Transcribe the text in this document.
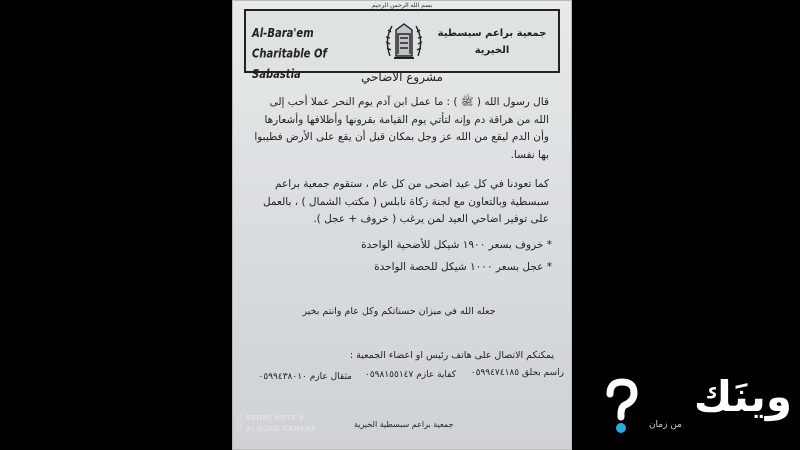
بسم الله الرحمن الرحيم
Al-Bara'em Charitable Of
Sabastia
جمعية براعم سبسطية
الخيرية
مشروع الاضاحي
قال رسول الله ( ﷺ ) : ما عمل ابن آدم يوم النحر عملا أحب إلى الله من هراقة دم وإنه لتأتي يوم القيامة بقرونها وأظلافها وأشعارها وأن الدم ليقع من الله عز وجل بمكان قبل أن يقع على الأرض فطيبوا بها نفسا.
كما تعودنا في كل عيد اضحى من كل عام ، ستقوم جمعية براعم سبسطية وبالتعاون مع لجنة زكاة نابلس ( مكتب الشمال ) ، بالعمل على توفير اضاحي العيد لمن يرغب ( خروف + عجل ).
* خروف بسعر ١٩٠٠ شيكل للأضحية الواحدة
* عجل بسعر ١٠٠٠ شيكل للحصة الواحدة
جعله الله في ميزان حسناتكم وكل عام وانتم بخير
يمكنكم الاتصال على هاتف رئيس او اعضاء الجمعية :
راسم بحلق ٠٥٩٩٤٧٤١٨٥
كفاية عازم ٠٥٩٨١٥٥١٤٧
مثقال عازم ٠٥٩٩٤٣٨٠١٠
جمعية براعم سبسطية الخيرية
REDMI NOTE 8
AI QUAD CAMERA
وينَك
من زمان
